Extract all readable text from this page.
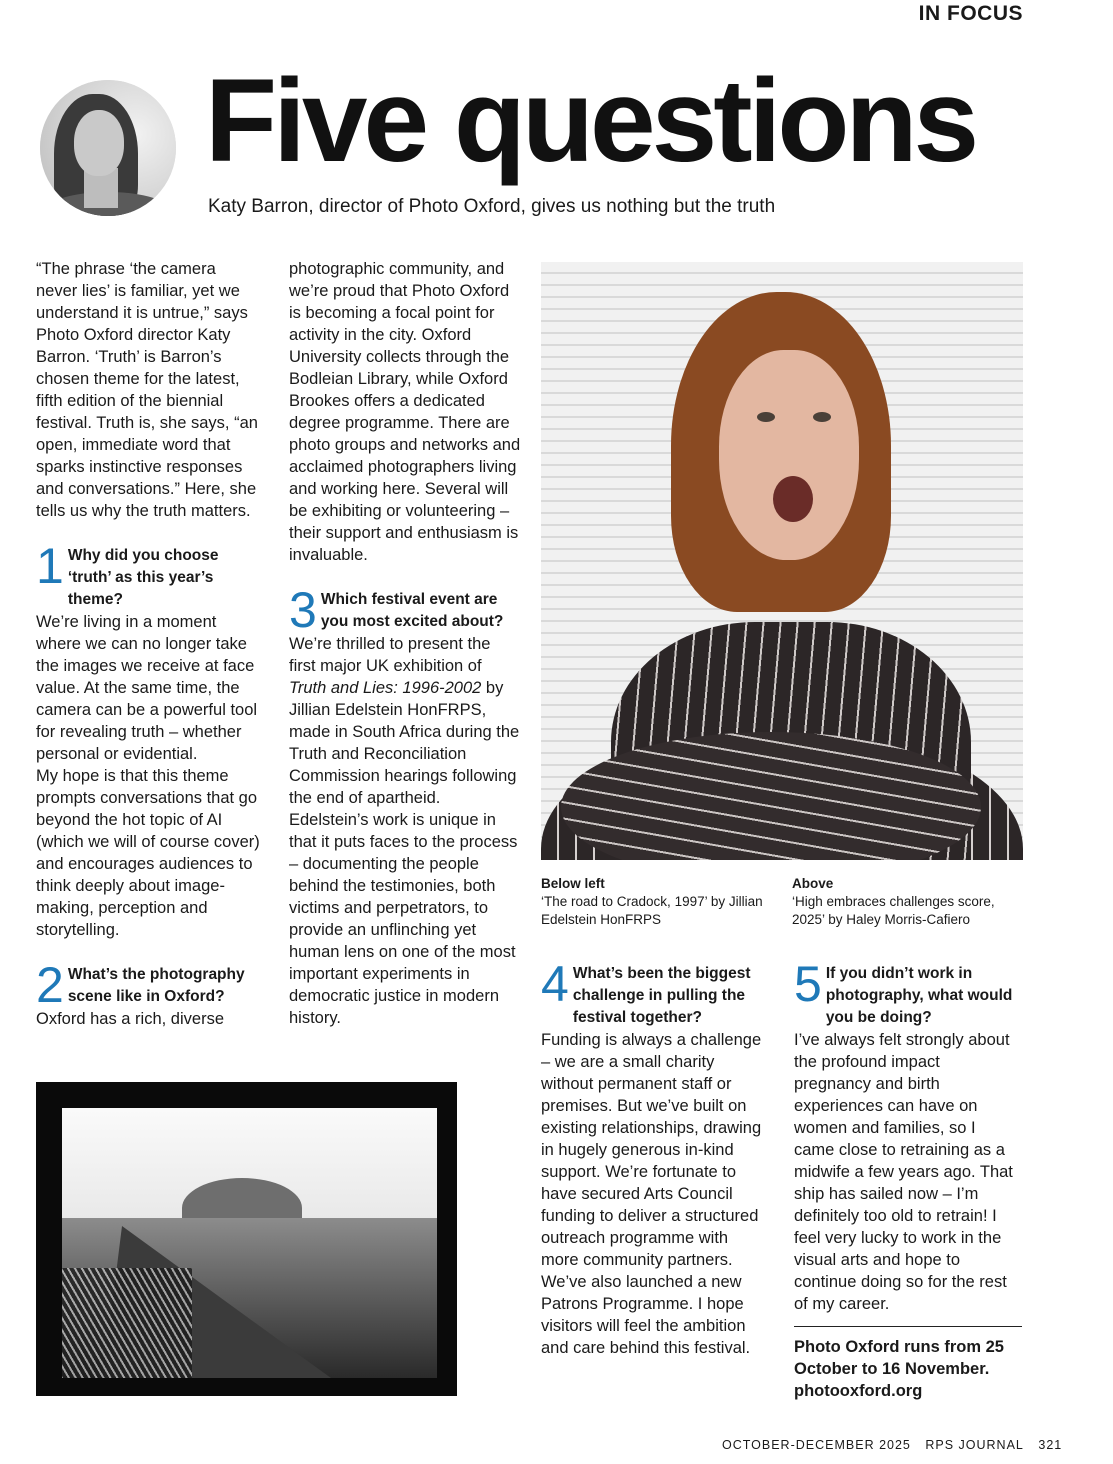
IN FOCUS
Five questions
Katy Barron, director of Photo Oxford, gives us nothing but the truth

“The phrase ‘the camera never lies’ is familiar, yet we understand it is untrue,” says Photo Oxford director Katy Barron. ‘Truth’ is Barron’s chosen theme for the latest, fifth edition of the biennial festival. Truth is, she says, “an open, immediate word that sparks instinctive responses and conversations.” Here, she tells us why the truth matters.

1 Why did you choose ‘truth’ as this year’s theme?

We’re living in a moment where we can no longer take the images we receive at face value. At the same time, the camera can be a powerful tool for revealing truth – whether personal or evidential.

My hope is that this theme prompts conversations that go beyond the hot topic of AI (which we will of course cover) and encourages audiences to think deeply about image-making, perception and storytelling.

2 What’s the photography scene like in Oxford?

Oxford has a rich, diverse

photographic community, and we’re proud that Photo Oxford is becoming a focal point for activity in the city. Oxford University collects through the Bodleian Library, while Oxford Brookes offers a dedicated degree programme. There are photo groups and networks and acclaimed photographers living and working here. Several will be exhibiting or volunteering – their support and enthusiasm is invaluable.

3 Which festival event are you most excited about?

We’re thrilled to present the first major UK exhibition of Truth and Lies: 1996-2002 by Jillian Edelstein HonFRPS, made in South Africa during the Truth and Reconciliation Commission hearings following the end of apartheid. Edelstein’s work is unique in that it puts faces to the process – documenting the people behind the testimonies, both victims and perpetrators, to provide an unflinching yet human lens on one of the most important experiments in democratic justice in modern history.

Below left
‘The road to Cradock, 1997’ by Jillian Edelstein HonFRPS
Above
‘High embraces challenges score, 2025’ by Haley Morris-Cafiero
4 What’s been the biggest challenge in pulling the festival together?

Funding is always a challenge – we are a small charity without permanent staff or premises. But we’ve built on existing relationships, drawing in hugely generous in-kind support. We’re fortunate to have secured Arts Council funding to deliver a structured outreach programme with more community partners.

We’ve also launched a new Patrons Programme. I hope visitors will feel the ambition and care behind this festival.

5 If you didn’t work in photography, what would you be doing?

I’ve always felt strongly about the profound impact pregnancy and birth experiences can have on women and families, so I came close to retraining as a midwife a few years ago. That ship has sailed now – I’m definitely too old to retrain! I feel very lucky to work in the visual arts and hope to continue doing so for the rest of my career.

Photo Oxford runs from 25 October to 16 November. photooxford.org
OCTOBER-DECEMBER 2025 RPS JOURNAL 321
